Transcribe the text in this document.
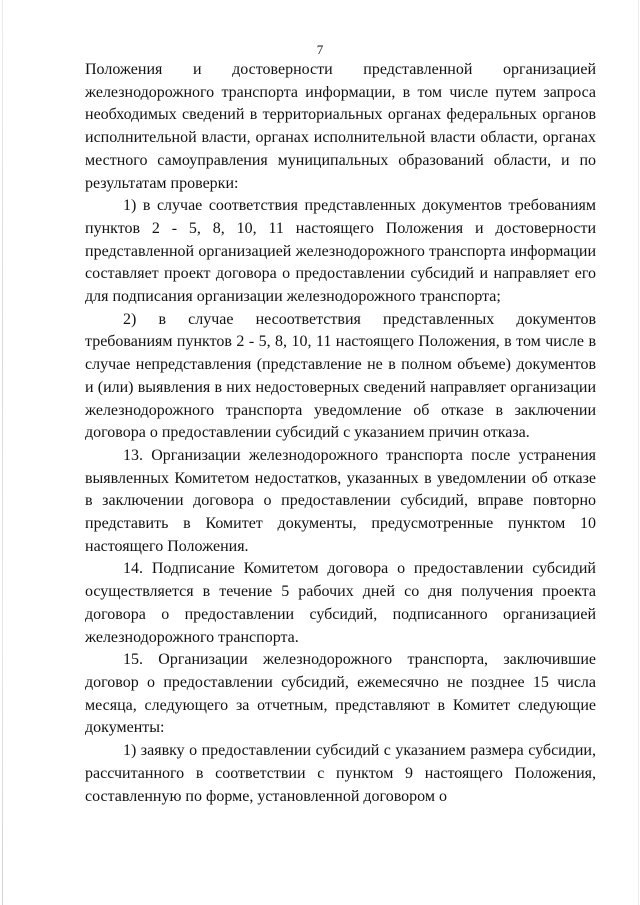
7

Положения и достоверности представленной организацией железнодорожного транспорта информации, в том числе путем запроса необходимых сведений в территориальных органах федеральных органов исполнительной власти, органах исполнительной власти области, органах местного самоуправления муниципальных образований области, и по результатам проверки:

1) в случае соответствия представленных документов требованиям пунктов 2 - 5, 8, 10, 11 настоящего Положения и достоверности представленной организацией железнодорожного транспорта информации составляет проект договора о предоставлении субсидий и направляет его для подписания организации железнодорожного транспорта;

2) в случае несоответствия представленных документов требованиям пунктов 2 - 5, 8, 10, 11 настоящего Положения, в том числе в случае непредставления (представление не в полном объеме) документов и (или) выявления в них недостоверных сведений направляет организации железнодорожного транспорта уведомление об отказе в заключении договора о предоставлении субсидий с указанием причин отказа.

13. Организации железнодорожного транспорта после устранения выявленных Комитетом недостатков, указанных в уведомлении об отказе в заключении договора о предоставлении субсидий, вправе повторно представить в Комитет документы, предусмотренные пунктом 10 настоящего Положения.

14. Подписание Комитетом договора о предоставлении субсидий осуществляется в течение 5 рабочих дней со дня получения проекта договора о предоставлении субсидий, подписанного организацией железнодорожного транспорта.

15. Организации железнодорожного транспорта, заключившие договор о предоставлении субсидий, ежемесячно не позднее 15 числа месяца, следующего за отчетным, представляют в Комитет следующие документы:

1) заявку о предоставлении субсидий с указанием размера субсидии, рассчитанного в соответствии с пунктом 9 настоящего Положения, составленную по форме, установленной договором о
